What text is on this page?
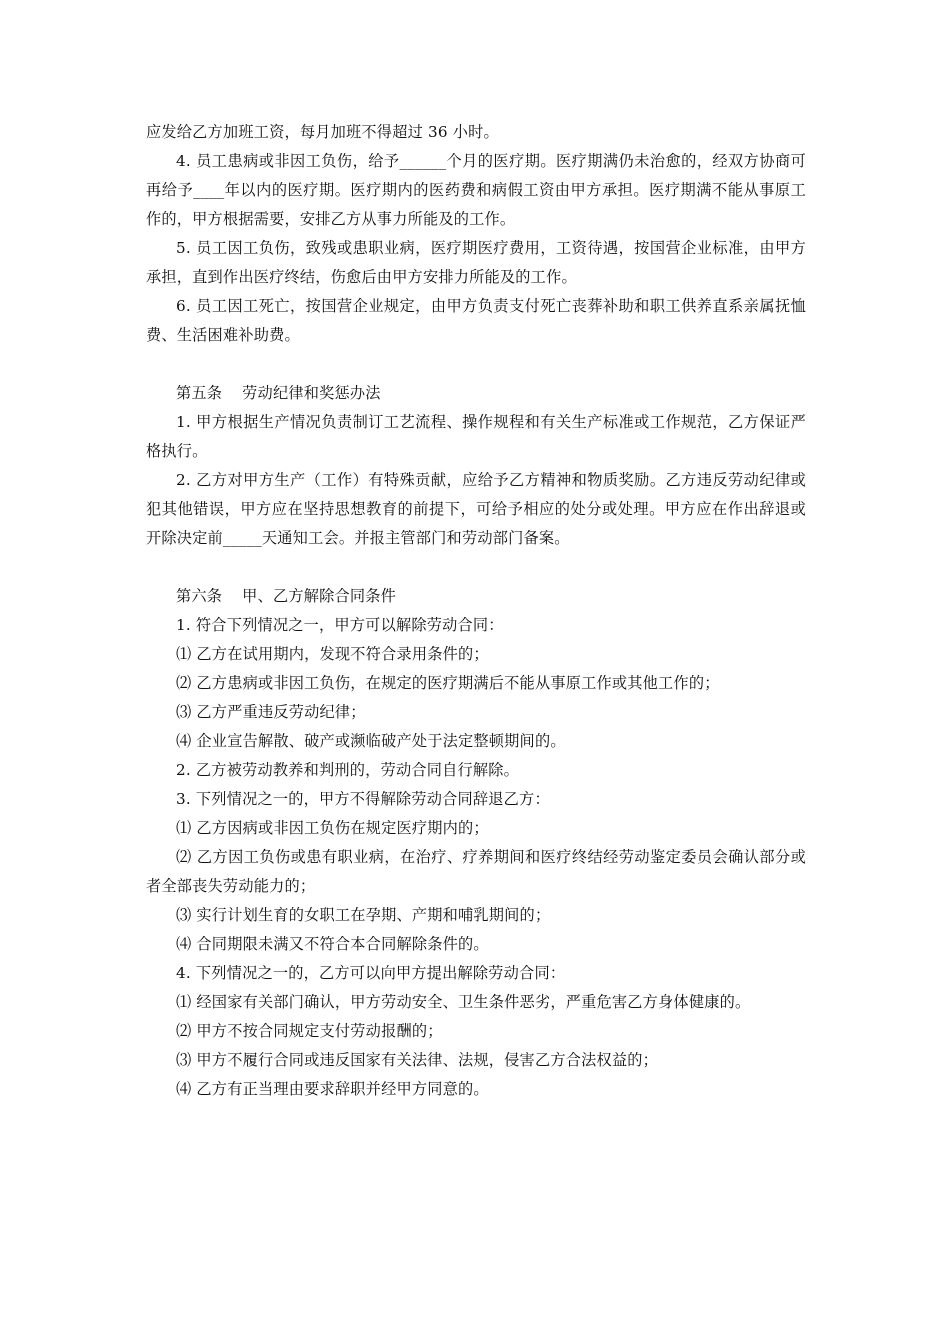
应发给乙方加班工资，每月加班不得超过 36 小时。

4. 员工患病或非因工负伤，给予______个月的医疗期。医疗期满仍未治愈的，经双方协商可再给予____年以内的医疗期。医疗期内的医药费和病假工资由甲方承担。医疗期满不能从事原工作的，甲方根据需要，安排乙方从事力所能及的工作。

5. 员工因工负伤，致残或患职业病，医疗期医疗费用，工资待遇，按国营企业标准，由甲方承担，直到作出医疗终结，伤愈后由甲方安排力所能及的工作。

6. 员工因工死亡，按国营企业规定，由甲方负责支付死亡丧葬补助和职工供养直系亲属抚恤费、生活困难补助费。

第五条 劳动纪律和奖惩办法

1. 甲方根据生产情况负责制订工艺流程、操作规程和有关生产标准或工作规范，乙方保证严格执行。

2. 乙方对甲方生产（工作）有特殊贡献，应给予乙方精神和物质奖励。乙方违反劳动纪律或犯其他错误，甲方应在坚持思想教育的前提下，可给予相应的处分或处理。甲方应在作出辞退或开除决定前_____天通知工会。并报主管部门和劳动部门备案。

第六条 甲、乙方解除合同条件

1. 符合下列情况之一，甲方可以解除劳动合同：

⑴ 乙方在试用期内，发现不符合录用条件的；

⑵ 乙方患病或非因工负伤，在规定的医疗期满后不能从事原工作或其他工作的；

⑶ 乙方严重违反劳动纪律；

⑷ 企业宣告解散、破产或濒临破产处于法定整顿期间的。

2. 乙方被劳动教养和判刑的，劳动合同自行解除。

3. 下列情况之一的，甲方不得解除劳动合同辞退乙方：

⑴ 乙方因病或非因工负伤在规定医疗期内的；

⑵ 乙方因工负伤或患有职业病，在治疗、疗养期间和医疗终结经劳动鉴定委员会确认部分或者全部丧失劳动能力的；

⑶ 实行计划生育的女职工在孕期、产期和哺乳期间的；

⑷ 合同期限未满又不符合本合同解除条件的。

4. 下列情况之一的，乙方可以向甲方提出解除劳动合同：

⑴ 经国家有关部门确认，甲方劳动安全、卫生条件恶劣，严重危害乙方身体健康的。

⑵ 甲方不按合同规定支付劳动报酬的；

⑶ 甲方不履行合同或违反国家有关法律、法规，侵害乙方合法权益的；

⑷ 乙方有正当理由要求辞职并经甲方同意的。
